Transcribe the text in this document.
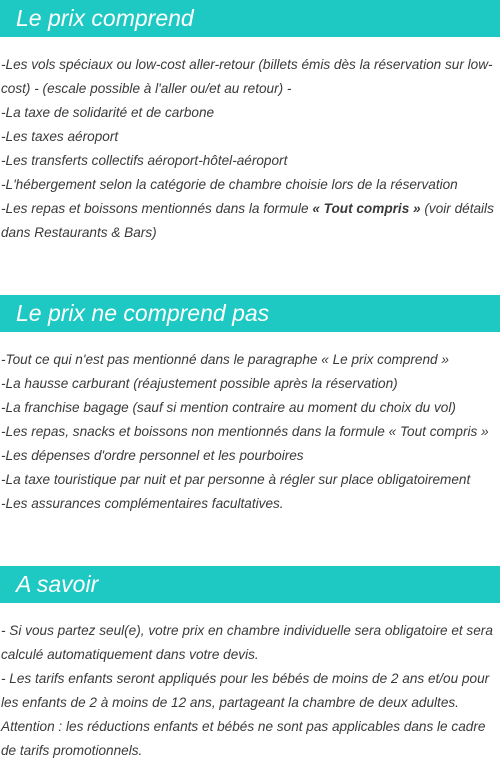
Le prix comprend
-Les vols spéciaux ou low-cost aller-retour (billets émis dès la réservation sur low-cost) - (escale possible à l'aller ou/et au retour) -
-La taxe de solidarité et de carbone
-Les taxes aéroport
-Les transferts collectifs aéroport-hôtel-aéroport
-L'hébergement selon la catégorie de chambre choisie lors de la réservation
-Les repas et boissons mentionnés dans la formule « Tout compris » (voir détails dans Restaurants & Bars)
Le prix ne comprend pas
-Tout ce qui n'est pas mentionné dans le paragraphe « Le prix comprend »
-La hausse carburant (réajustement possible après la réservation)
-La franchise bagage (sauf si mention contraire au moment du choix du vol)
-Les repas, snacks et boissons non mentionnés dans la formule « Tout compris »
-Les dépenses d'ordre personnel et les pourboires
-La taxe touristique par nuit et par personne à régler sur place obligatoirement
-Les assurances complémentaires facultatives.
A savoir
- Si vous partez seul(e), votre prix en chambre individuelle sera obligatoire et sera calculé automatiquement dans votre devis.
- Les tarifs enfants seront appliqués pour les bébés de moins de 2 ans et/ou pour les enfants de 2 à moins de 12 ans, partageant la chambre de deux adultes.
Attention : les réductions enfants et bébés ne sont pas applicables dans le cadre de tarifs promotionnels.
